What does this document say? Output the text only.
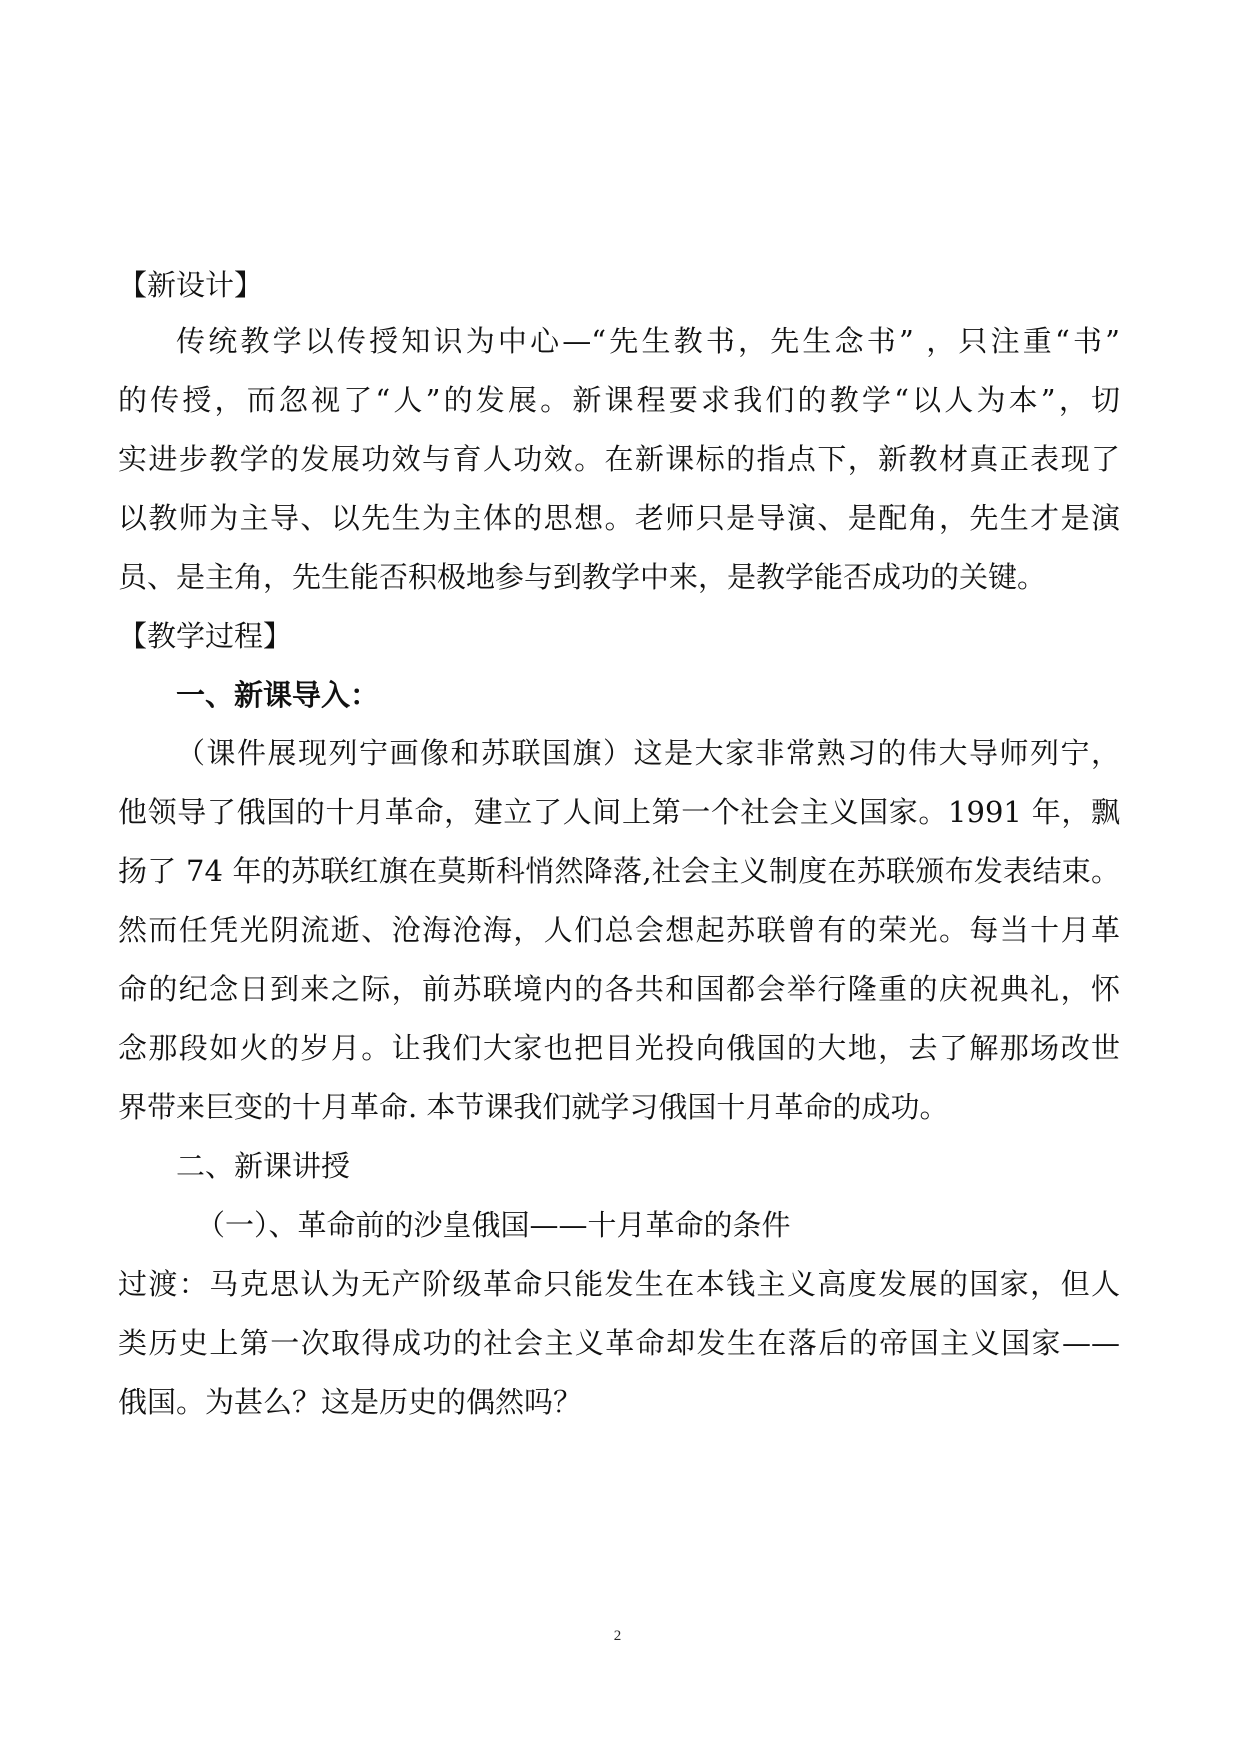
【新设计】
传统教学以传授知识为中心—“先生教书，先生念书” ，只注重“书”
的传授，而忽视了“人”的发展。新课程要求我们的教学“以人为本”，切
实进步教学的发展功效与育人功效。在新课标的指点下，新教材真正表现了
以教师为主导、以先生为主体的思想。老师只是导演、是配角，先生才是演
员、是主角，先生能否积极地参与到教学中来，是教学能否成功的关键。
【教学过程】
一、新课导入：
（课件展现列宁画像和苏联国旗）这是大家非常熟习的伟大导师列宁，
他领导了俄国的十月革命，建立了人间上第一个社会主义国家。1991 年，飘
扬了 74 年的苏联红旗在莫斯科悄然降落,社会主义制度在苏联颁布发表结束。
然而任凭光阴流逝、沧海沧海，人们总会想起苏联曾有的荣光。每当十月革
命的纪念日到来之际，前苏联境内的各共和国都会举行隆重的庆祝典礼，怀
念那段如火的岁月。让我们大家也把目光投向俄国的大地，去了解那场改世
界带来巨变的十月革命. 本节课我们就学习俄国十月革命的成功。
二、新课讲授
（一）、革命前的沙皇俄国——十月革命的条件
过渡：马克思认为无产阶级革命只能发生在本钱主义高度发展的国家，但人
类历史上第一次取得成功的社会主义革命却发生在落后的帝国主义国家——
俄国。为甚么？这是历史的偶然吗？
2
